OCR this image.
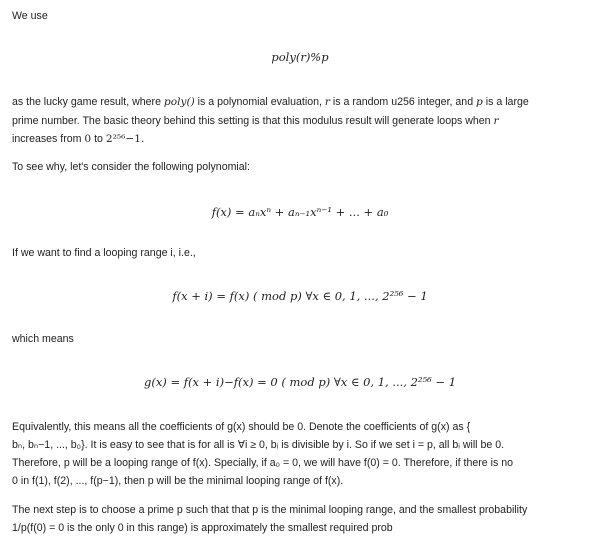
We use
poly(r)%p
as the lucky game result, where poly() is a polynomial evaluation, r is a random u256 integer, and p is a large
prime number. The basic theory behind this setting is that this modulus result will generate loops when r
increases from 0 to 2²⁵⁶−1.
To see why, let's consider the following polynomial:
f(x) = aₙxⁿ + aₙ₋₁xⁿ⁻¹ + ... + a₀
If we want to find a looping range i, i.e.,
f(x + i) = f(x) ( mod p) ∀x ∈ 0, 1, ..., 2²⁵⁶ − 1
which means
g(x) = f(x + i)−f(x) = 0 ( mod p) ∀x ∈ 0, 1, ..., 2²⁵⁶ − 1
Equivalently, this means all the coefficients of g(x) should be 0. Denote the coefficients of g(x) as {
bₙ, bₙ−1, ..., b₀}. It is easy to see that is for all is ∀i ≥ 0, bᵢ is divisible by i. So if we set i = p, all bᵢ will be 0.
Therefore, p will be a looping range of f(x). Specially, if a₀ = 0, we will have f(0) = 0. Therefore, if there is no
0 in f(1), f(2), ..., f(p−1), then p will be the minimal looping range of f(x).
The next step is to choose a prime p such that that p is the minimal looping range, and the smallest probability
1/p(f(0) = 0 is the only 0 in this range) is approximately the smallest required prob
